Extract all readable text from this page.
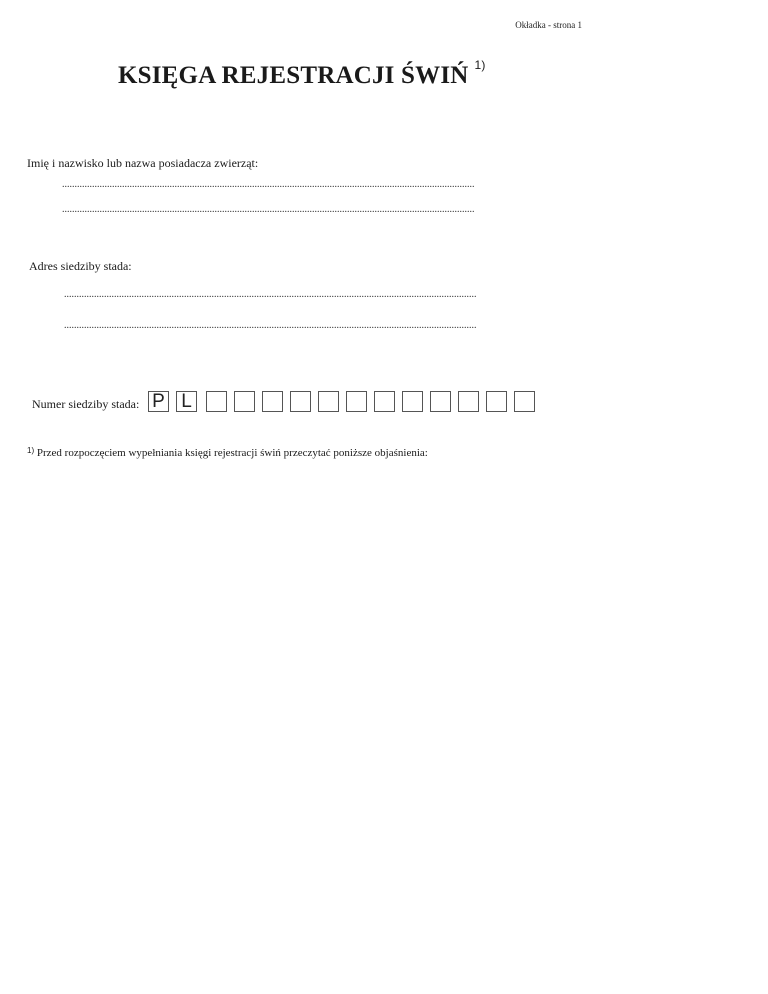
Okładka - strona 1
KSIĘGA REJESTRACJI ŚWIŃ $^{1)}$
Imię i nazwisko lub nazwa posiadacza zwierząt:
.....................................................................................................................................................................
.....................................................................................................................................................................
Adres siedziby stada:
.....................................................................................................................................................................
.....................................................................................................................................................................
Numer siedziby stada: P L
$^{1)}$ Przed rozpoczęciem wypełniania księgi rejestracji świń przeczytać poniższe objaśnienia:
